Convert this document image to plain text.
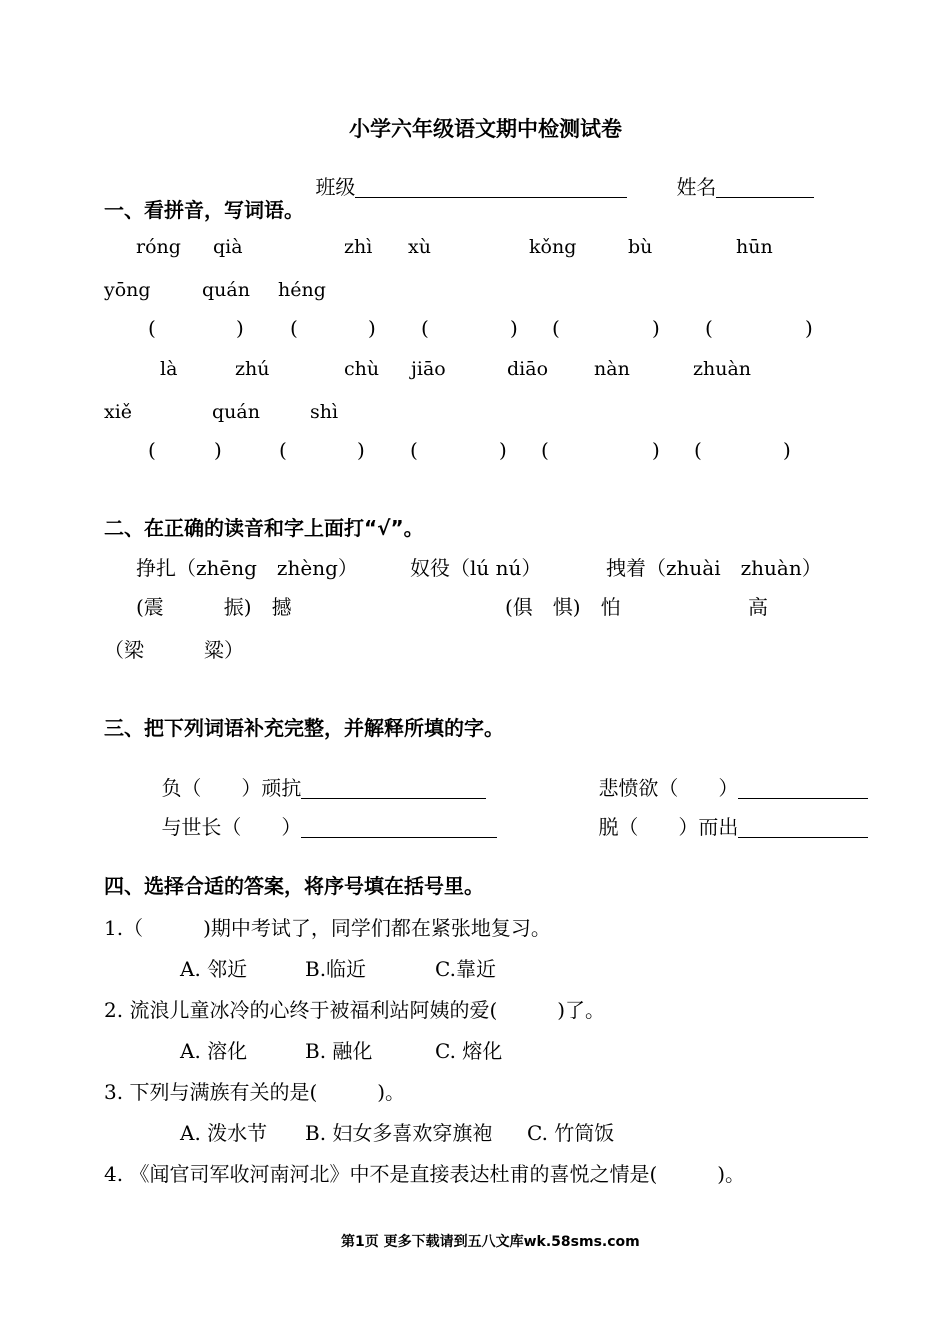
小学六年级语文期中检测试卷

班级
	姓名

一、看拼音，写词语。
róng qià	zhì xù	kǒng	bù	hūn
yōng	quán héng
(	) (	) (	) (	) (	)
là	zhú	chù jiāo	diāo nàn	zhuàn
xiě	quán	shì
(	)	(	) (	) (	) (	)
二、在正确的读音和字上面打“√”。
挣扎（zhēng　zhèng）	奴役（lú nú）	拽着（zhuài　zhuàn）
(震　　　振)　撼	(俱　惧)　怕	高
（梁　　　粱）
三、把下列词语补充完整，并解释所填的字。

负（　　）顽抗
	悲愤欲（　　）

与世长（　　）
	脱（　　）而出

四、选择合适的答案，将序号填在括号里。
1.（　　　)期中考试了，同学们都在紧张地复习。
A. 邻近	B.临近	C.靠近
2. 流浪儿童冰冷的心终于被福利站阿姨的爱(　　　)了。
A. 溶化	B. 融化	C. 熔化
3. 下列与满族有关的是(　　　)。
A. 泼水节 B. 妇女多喜欢穿旗袍 C. 竹筒饭
4. 《闻官司军收河南河北》中不是直接表达杜甫的喜悦之情是(　　　)。
第1页 更多下载请到五八文库wk.58sms.com
